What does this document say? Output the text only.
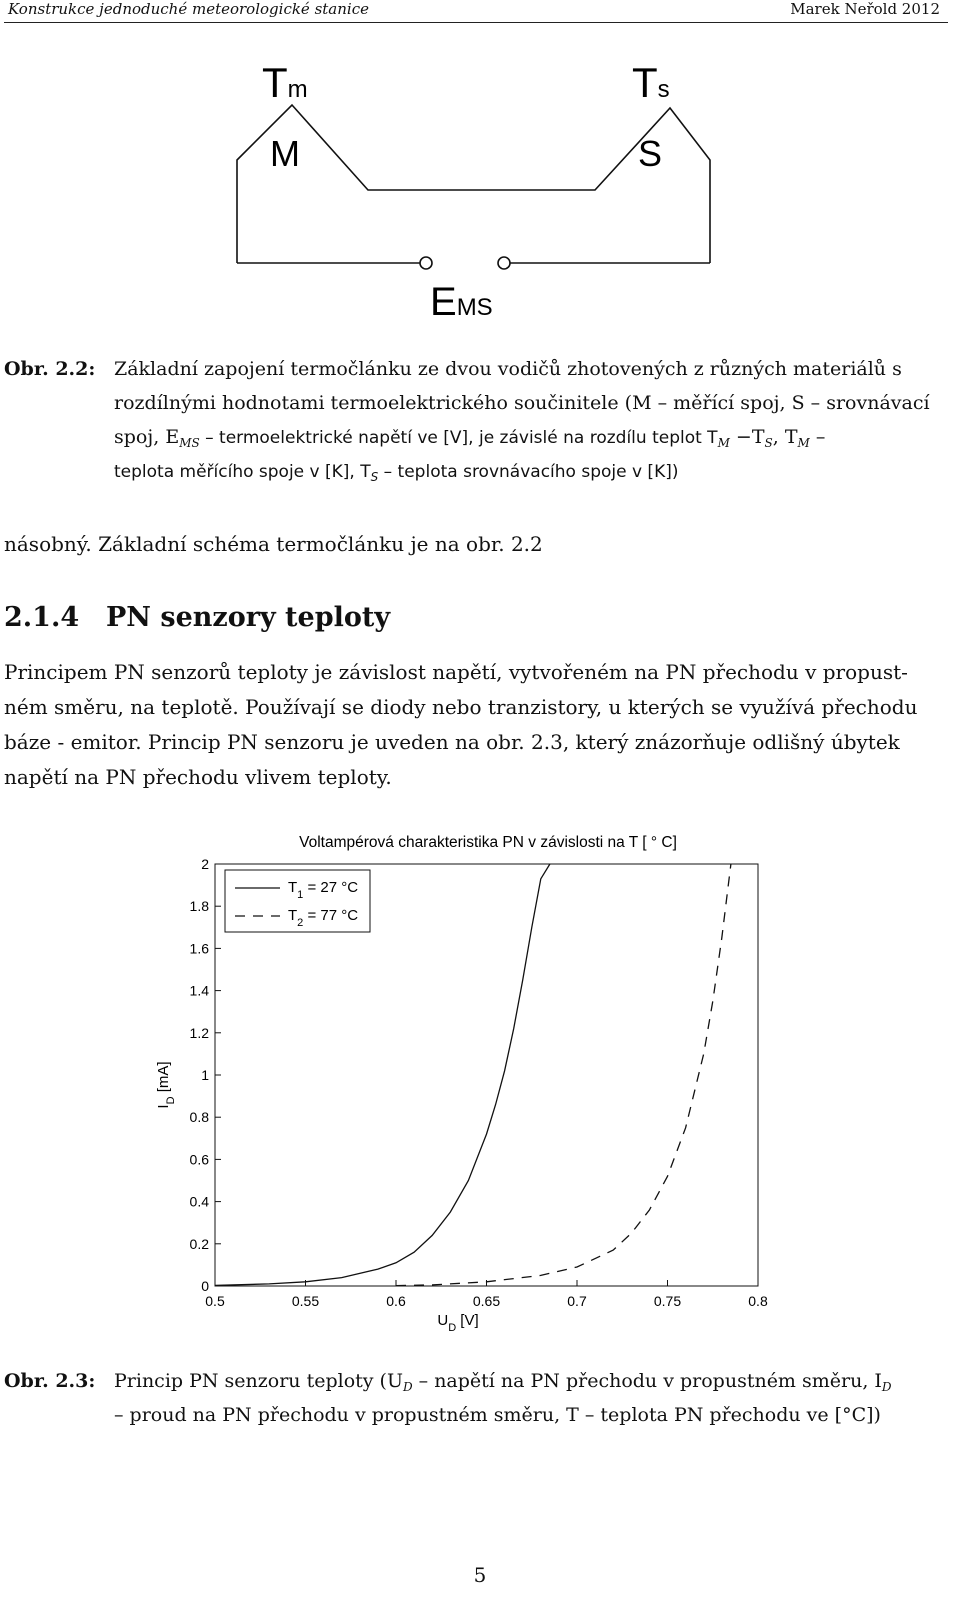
Konstrukce jednoduché meteorologické stanice	Marek Neřold 2012
Tm	Ts
M	S
EMS
Obr. 2.2: Základní zapojení termočlánku ze dvou vodičů zhotovených z různých materiálů s
rozdílnými hodnotami termoelektrického součinitele (M – měřící spoj, S – srovnávací
spoj, $E_{MS}$ – termoelektrické napětí ve [V], je závislé na rozdílu teplot $T_M -T_S$, $T_M$ –
teplota měřícího spoje v [K], $T_S$ – teplota srovnávacího spoje v [K])
násobný. Základní schéma termočlánku je na obr. 2.2
2.1.4 PN senzory teploty
Principem PN senzorů teploty je závislost napětí, vytvořeném na PN přechodu v propust-
ném směru, na teplotě. Používají se diody nebo tranzistory, u kterých se využívá přechodu
báze - emitor. Princip PN senzoru je uveden na obr. 2.3, který znázorňuje odlišný úbytek
napětí na PN přechodu vlivem teploty.
Voltampérová charakteristika PN v závislosti na T [ ° C]
0
0.2
0.4
0.6
0.8
1
1.2
1.4
1.6
1.8
2
0.5	0.55	0.6	0.65	0.7	0.75	0.8
$T_1 = 27$ °C
$T_2 = 77$ °C
$U_D$ [V]
$I_D$ [mA]
Obr. 2.3: Princip PN senzoru teploty ($U_D$ – napětí na PN přechodu v propustném směru, $I_D$
– proud na PN přechodu v propustném směru, T – teplota PN přechodu ve [°C])
5
